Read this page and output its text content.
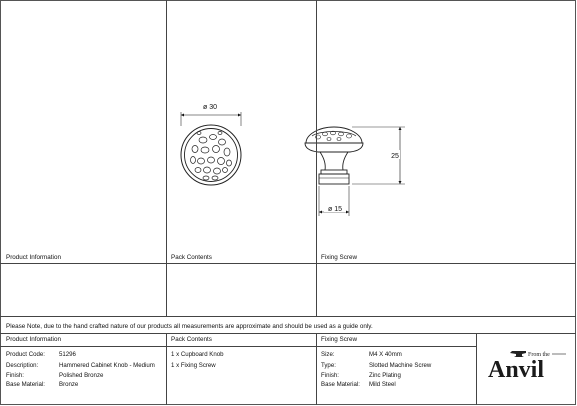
ø 30
25
ø 15
Please Note, due to the hand crafted nature of our products all measurements are approximate and should be used as a guide only.
Product Information	Pack Contents	Fixing Screw
Product Information	Pack Contents	Fixing Screw
Product Code: 51296
Description:	Hammered Cabinet Knob - Medium
Finish:	Polished Bronze
Base Material: Bronze
1 x Cupboard Knob
1 x Fixing Screw
Size:	M4 X 40mm
Type:	Slotted Machine Screw
Finish:	Zinc Plating
Base Material: Mild Steel
From the
Anvil
